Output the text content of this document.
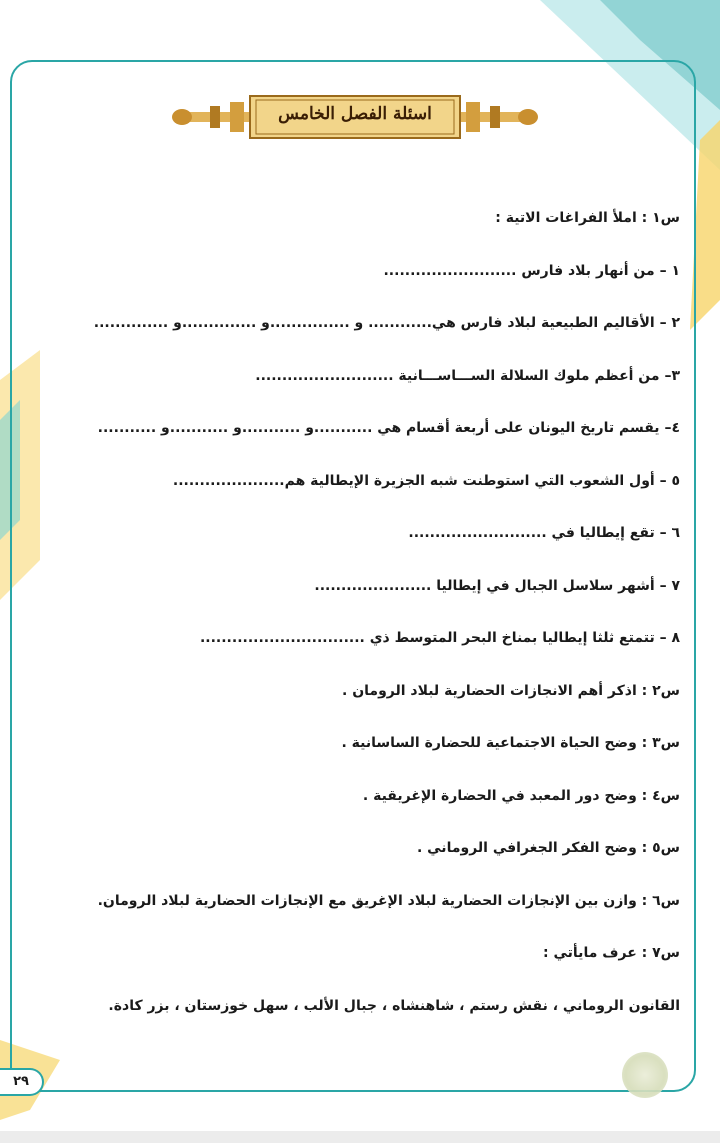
اسئلة الفصل الخامس
س١ : املأ الفراغات الاتية :
١ – من أنهار بلاد فارس .........................
٢ – الأقاليم الطبيعية لبلاد فارس هي............ و ...............و ..............و ..............
٣– من أعظم ملوك السلالة الســـاســـانية ..........................
٤– يقسم تاريخ اليونان على أربعة أقسام هي ...........و ...........و ...........و ...........
٥ – أول الشعوب التي استوطنت شبه الجزيرة الإيطالية هم.....................
٦ – تقع إيطاليا في ..........................
٧ – أشهر سلاسل الجبال في إيطاليا ......................
٨ – تتمتع ثلثا إيطاليا بمناخ البحر المتوسط ذي ...............................
س٢ : اذكر أهم الانجازات الحضارية لبلاد الرومان .
س٣ : وضح الحياة الاجتماعية للحضارة الساسانية .
س٤ : وضح دور المعبد في الحضارة الإغريقية .
س٥ : وضح الفكر الجغرافي الروماني .
س٦ : وازن بين الإنجازات الحضارية لبلاد الإغريق مع الإنجازات الحضارية لبلاد الرومان.
س٧ : عرف مايأتي :
القانون الروماني ، نقش رستم ، شاهنشاه ، جبال الألب ، سهل خوزستان ، بزر كادة.
٢٩
